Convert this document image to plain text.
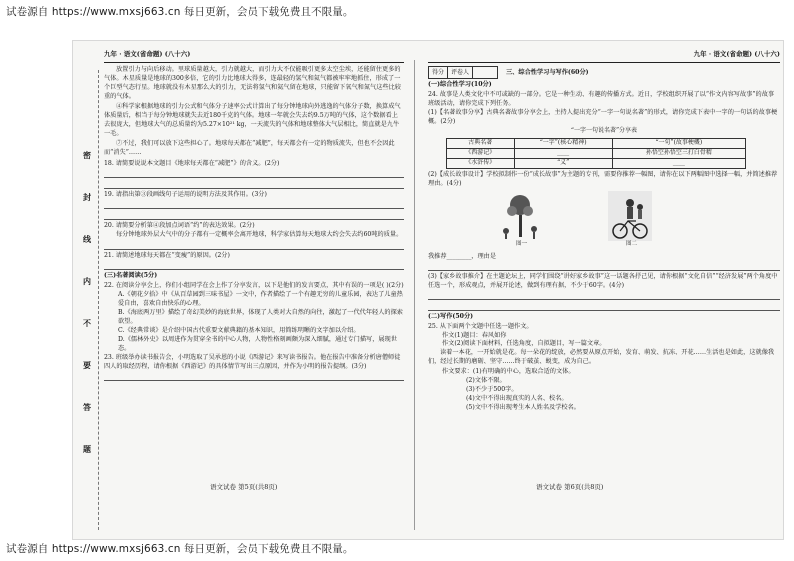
试卷源自 https://www.mxsj663.cn 每日更新，会员下载免费且不限量。
密
封
线
内
不
要
答
题
九年 · 语文(省命题) (八十六)

放置引力与向后移动。里球质量越大，引力就越大，而引力大不仅能吸引更多太空尘埃，还能留住更多的气体。木星质量是地球的300多倍，它的引力比地球大得多，连最轻的氢气和氦气都被牢牢地抓住，形成了一个巨型气态行星。地球就没有木星那么大的引力，无法将氢气和氦气留在地球，只能留下氧气和氮气这些比较重的气体。

④科学家根据地球的引力公式和气体分子速率公式计算出了每分钟地球向外逃逸的气体分子数，换算成气体质量后，相当于每分钟地球就失去近180千克的气体。地球一年就会失去约9.5万吨的气体，这个数据看上去很庞大，但地球大气的总质量约为5.27×10²¹ kg，一天流失的气体和地球整体大气层相比，简直就是九牛一毛。

⑦不过，我们可以放下这些担心了。地球每天都在“减肥”，每天都会有一定的物质流失，但也不会因此而“消失”……

18. 请简要说说本文题目《地球每天都在“减肥”》的含义。(2分)
19. 请指出第③段画线句子运用的说明方法及其作用。(3分)
20. 请简要分析第④段加点词语“约”的表达效果。(2分)

每分钟地球外层大气中的分子都有一定概率会离开地球，科学家估算每天地球大约会失去约60吨的质量。

21. 请简述地球每天都在“变瘦”的原因。(2分)
(三)名著阅读(5分)
22. 在阅读分享会上，你们小组同学在会上作了分享发言，以下是他们的发言要点，其中有误的一项是( )(2分)
A.《朝花夕拾》中《从百草园到三味书屋》一文中，作者描绘了一个有趣无穷的儿童乐园，表达了儿童热爱自由，喜欢自由快乐的心理。
B.《海底两万里》描绘了奇幻美妙的海底世界，体现了人类对大自然的向往，激起了一代代年轻人的探索欲望。
C.《经典常谈》是介绍中国古代重要文献典籍的基本知识，用简练明晰的文字加以介绍。
D.《儒林外史》以周进作为贯穿全书的中心人物，人物性格刻画颇为深入细腻，通过专门描写，展现世态。
23. 班级举办读书报告会，小明选取了吴承恩的小说《西游记》来写读书报告。他在报告中准备分析唐僧师徒四人的取经历程，请你根据《西游记》的具体情节写出三点原因，并作为小明的报告提纲。(3分)
语文试卷 第5页(共8页)
九年 · 语文(省命题) (八十六)
得分	评卷人	三、综合性学习与写作(60分)
(一)综合性学习(10分)
24. 故事是人类文化中不可或缺的一部分。它是一种生动、有趣的传播方式。近日，学校组织开展了以“作文内容写故事”的故事班级活动，请你完成下列任务。
(1)【名著故事分享】古典名著故事分享会上，主持人提出充分“一字一句说名著”的形式，请你完成下表中一字的一句话的故事梗概。(2分)
“一字一句说名著”分享表
古典名著	“一字”(核心精神)	“一句”(故事梗概)
《西游记》	____	孙悟空孙悟空三打白骨精
《水浒传》	“义”	____
(2)【成长故事设计】学校拟制作一份“成长故事”为主题的专刊，需要你推荐一幅图，请你在以下两幅图中选择一幅，并简述推荐理由。(4分)
图一	图二
我推荐________，理由是
(3)【家乡故事推介】在主题论坛上，同学们围绕“讲好家乡故事”这一话题各抒己见，请你根据“文化自信”“经济发展”两个角度中任选一个，形成观点，并展开论述，做到有理有据，不少于60字。(4分)
(二)写作(50分)
25. 从下面两个文题中任选一题作文。
作文(1)题目：春风如你
作文(2)阅读下面材料，任选角度，自拟题目，写一篇文章。

读着一本花，一开始就是花。每一朵花的绽放，必然要从原点开始，发育、萌发、抗冻、开花……生活也是如此，这就像我们，经过长期的磨砺、坚守……终于破茧、蜕变，成为自己。

作文要求：(1)有明确的中心，选取合适的文体。
(2)文体不限。
(3)不少于500字。
(4)文中不得出现真实的人名、校名。
(5)文中不得出现考生本人姓名及学校名。
语文试卷 第6页(共8页)
试卷源自 https://www.mxsj663.cn 每日更新，会员下载免费且不限量。
